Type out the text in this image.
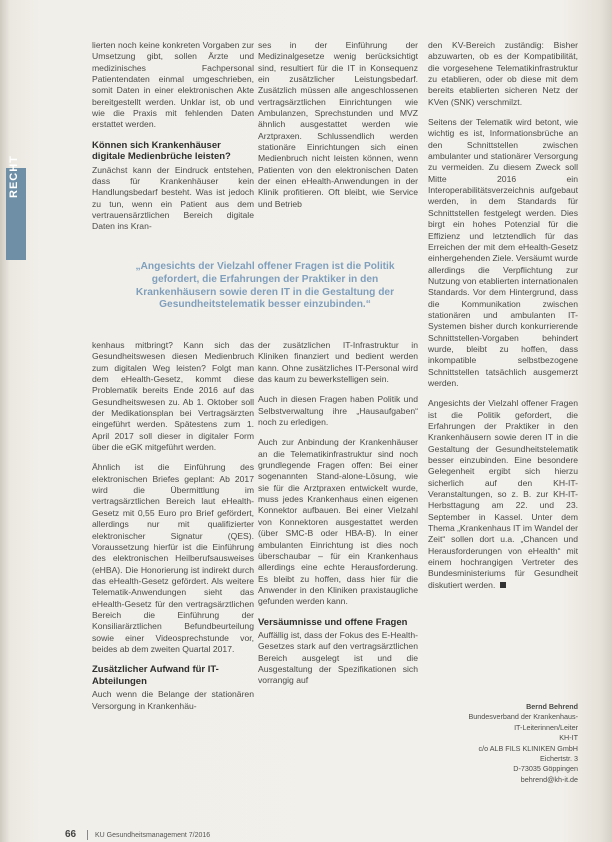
RECHT

lierten noch keine konkreten Vorgaben zur Umsetzung gibt, sollen Ärzte und medizinisches Fachpersonal Patientendaten einmal umgeschrieben, somit Daten in einer elektronischen Akte bereitgestellt werden. Unklar ist, ob und wie die Praxis mit fehlenden Daten erstattet werden.

Können sich Krankenhäuser digitale Medienbrüche leisten?

Zunächst kann der Eindruck entstehen, dass für Krankenhäuser kein Handlungsbedarf besteht. Was ist jedoch zu tun, wenn ein Patient aus dem vertrauensärztlichen Bereich digitale Daten ins Kran-

ses in der Einführung der Medizinalgesetze wenig berücksichtigt sind, resultiert für die IT in Konsequenz ein zusätzlicher Leistungsbedarf. Zusätzlich müssen alle angeschlossenen vertragsärztlichen Einrichtungen wie Ambulanzen, Sprechstunden und MVZ ähnlich ausgestattet werden wie Arztpraxen. Schlussendlich werden stationäre Einrichtungen sich einen Medienbruch nicht leisten können, wenn Patienten von den elektronischen Daten der einen eHealth-Anwendungen in der Klinik profitieren. Oft bleibt, wie Service und Betrieb

„Angesichts der Vielzahl offener Fragen ist die Politik gefordert, die Erfahrungen der Praktiker in den Krankenhäusern sowie deren IT in die Gestaltung der Gesundheitstelematik besser einzubinden.“

kenhaus mitbringt? Kann sich das Gesundheitswesen diesen Medienbruch zum digitalen Weg leisten? Folgt man dem eHealth-Gesetz, kommt diese Problematik bereits Ende 2016 auf das Gesundheitswesen zu. Ab 1. Oktober soll der Medikationsplan bei Vertragsärzten eingeführt werden. Spätestens zum 1. April 2017 soll dieser in digitaler Form über die eGK mitgeführt werden.

Ähnlich ist die Einführung des elektronischen Briefes geplant: Ab 2017 wird die Übermittlung im vertragsärztlichen Bereich laut eHealth-Gesetz mit 0,55 Euro pro Brief gefördert, allerdings nur mit qualifizierter elektronischer Signatur (QES). Voraussetzung hierfür ist die Einführung des elektronischen Heilberufsausweises (eHBA). Die Honorierung ist indirekt durch das eHealth-Gesetz gefördert. Als weitere Telematik-Anwendungen sieht das eHealth-Gesetz für den vertragsärztlichen Bereich die Einführung der Konsiliarärztlichen Befundbeurteilung sowie einer Videosprechstunde vor, beides ab dem zweiten Quartal 2017.

Zusätzlicher Aufwand für IT-Abteilungen

Auch wenn die Belange der stationären Versorgung in Krankenhäu-

der zusätzlichen IT-Infrastruktur in Kliniken finanziert und bedient werden kann. Ohne zusätzliches IT-Personal wird das kaum zu bewerkstelligen sein.

Auch in diesen Fragen haben Politik und Selbstverwaltung ihre „Hausaufgaben“ noch zu erledigen.

Auch zur Anbindung der Krankenhäuser an die Telematikinfrastruktur sind noch grundlegende Fragen offen: Bei einer sogenannten Stand-alone-Lösung, wie sie für die Arztpraxen entwickelt wurde, muss jedes Krankenhaus einen eigenen Konnektor aufbauen. Bei einer Vielzahl von Konnektoren ausgestattet werden (über SMC-B oder HBA-B). In einer ambulanten Einrichtung ist dies noch überschaubar – für ein Krankenhaus allerdings eine echte Herausforderung. Es bleibt zu hoffen, dass hier für die Anwender in den Kliniken praxistaugliche gefunden werden kann.

Versäumnisse und offene Fragen

Auffällig ist, dass der Fokus des E-Health-Gesetzes stark auf den vertragsärztlichen Bereich ausgelegt ist und die Ausgestaltung der Spezifikationen sich vorrangig auf

den KV-Bereich zuständig: Bisher abzuwarten, ob es der Kompatibilität, die vorgesehene Telematikinfrastruktur zu etablieren, oder ob diese mit dem bereits etablierten sicheren Netz der KVen (SNK) verschmilzt.

Seitens der Telematik wird betont, wie wichtig es ist, Informationsbrüche an den Schnittstellen zwischen ambulanter und stationärer Versorgung zu vermeiden. Zu diesem Zweck soll Mitte 2016 ein Interoperabilitätsverzeichnis aufgebaut werden, in dem Standards für Schnittstellen festgelegt werden. Dies birgt ein hohes Potenzial für die Effizienz und letztendlich für das Erreichen der mit dem eHealth-Gesetz einhergehenden Ziele. Versäumt wurde allerdings die Verpflichtung zur Nutzung von etablierten internationalen Standards. Vor dem Hintergrund, dass die Kommunikation zwischen stationären und ambulanten IT-Systemen bisher durch konkurrierende Schnittstellen-Vorgaben behindert wurde, bleibt zu hoffen, dass inkompatible selbstbezogene Schnittstellen tatsächlich ausgemerzt werden.

Angesichts der Vielzahl offener Fragen ist die Politik gefordert, die Erfahrungen der Praktiker in den Krankenhäusern sowie deren IT in die Gestaltung der Gesundheitstelematik besser einzubinden. Eine besondere Gelegenheit ergibt sich hierzu sicherlich auf den KH-IT-Veranstaltungen, so z. B. zur KH-IT-Herbsttagung am 22. und 23. September in Kassel. Unter dem Thema „Krankenhaus IT im Wandel der Zeit“ sollen dort u.a. „Chancen und Herausforderungen von eHealth“ mit einem hochrangigen Vertreter des Bundesministeriums für Gesundheit diskutiert werden.

Bernd Behrend
Bundesverband der Krankenhaus-
IT-Leiterinnen/Leiter
KH-IT
c/o ALB FILS KLINIKEN GmbH
Eichertstr. 3
D-73035 Göppingen
behrend@kh-it.de
66	KU Gesundheitsmanagement 7/2016
